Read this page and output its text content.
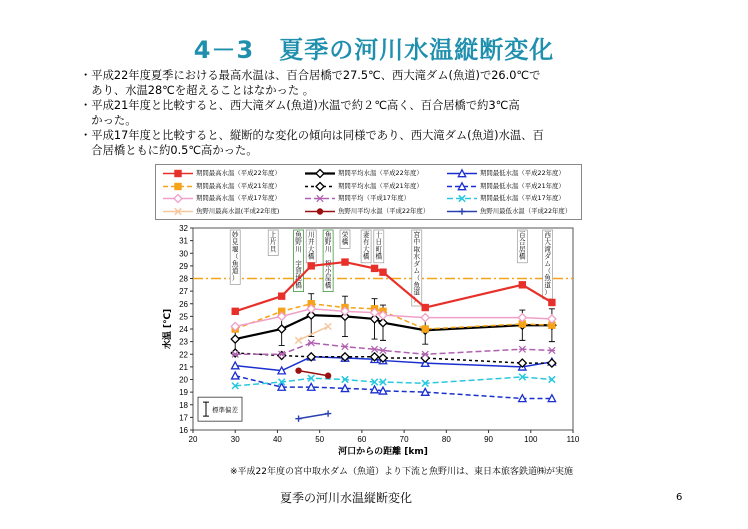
4－3　夏季の河川水温縦断変化
・平成22年度夏季における最高水温は、百合居橋で27.5℃、西大滝ダム(魚道)で26.0℃で
　あり、水温28℃を超えることはなかった 。
・平成21年度と比較すると、西大滝ダム(魚道)水温で約２℃高く、百合居橋で約3℃高
　かった。
・平成17年度と比較すると、縦断的な変化の傾向は同様であり、西大滝ダム(魚道)水温、百
　合居橋ともに約0.5℃高かった。
期間最高水温（平成22年度）	期間平均水温（平成22年度）	期間最低水温（平成22年度）
期間最高水温（平成21年度）	期間平均水温（平成21年度）	期間最低水温（平成21年度）
期間最高水温（平成17年度）	期間平均（平成17年度）	期間最低水温（平成17年度）
魚野川最高水温(平成22年度)	魚野川平均水温（平成22年度）	魚野川最低水温（平成22年度）
16
17
18
19
20
21
22
23
24
25
26
27
28
29
30
31
32
20	30	40	50	60	70	80	90	100	110
河口からの距離 [km]
水温 [℃]
妙見堰（魚道）
上片貝
魚野川 宇賀地橋
川井大橋
魚野川 根小屋橋
栄橋
妻有大橋
十日町橋
宮中取水ダム（魚道）
百合居橋
西大滝ダム（魚道）
標準偏差
※平成22年度の宮中取水ダム（魚道）より下流と魚野川は、東日本旅客鉄道㈱が実施
夏季の河川水温縦断変化	6
